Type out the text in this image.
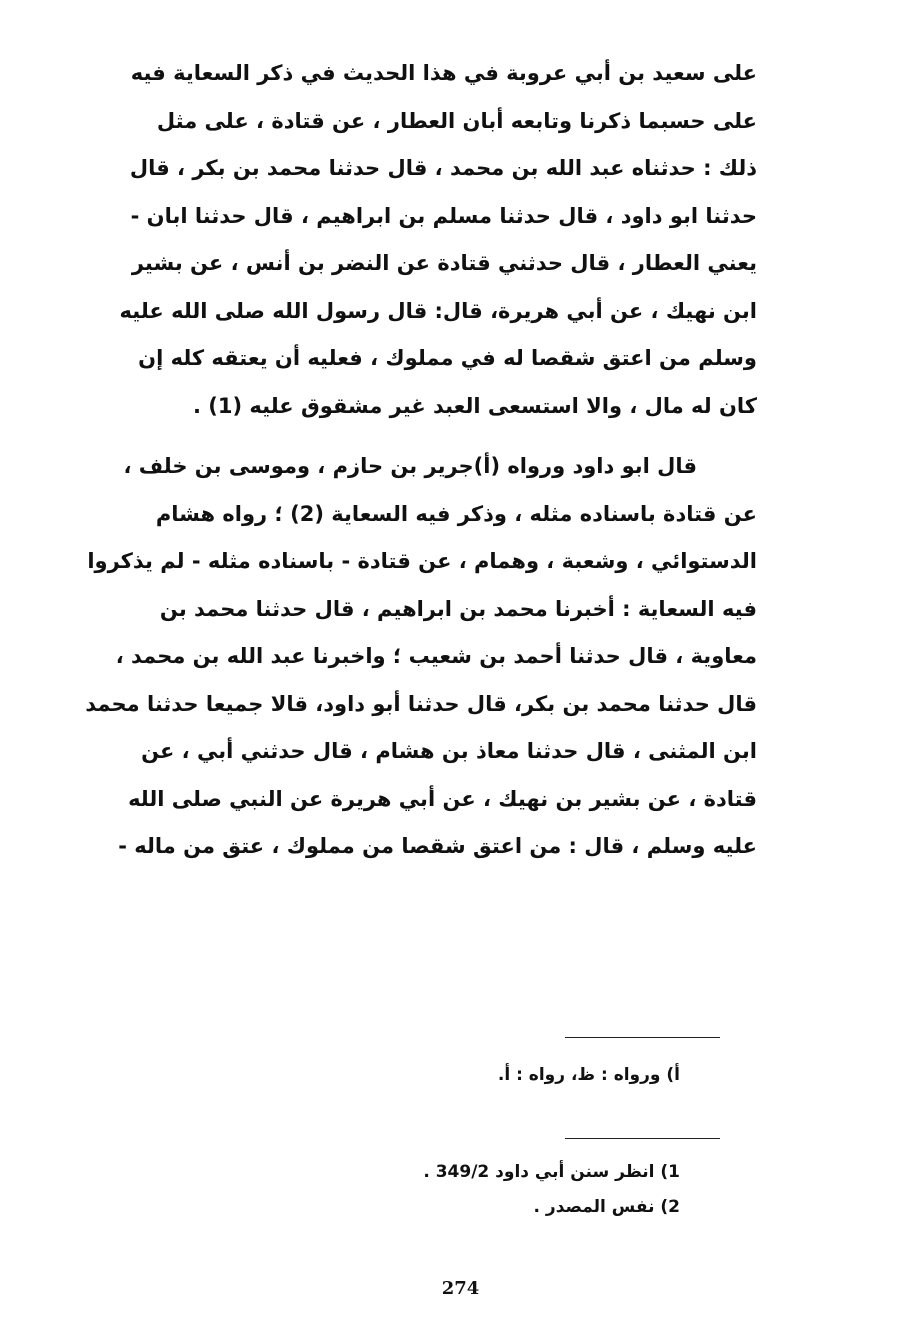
على سعيد بن أبي عروبة في هذا الحديث في ذكر السعاية فيه

على حسبما ذكرنا وتابعه أبان العطار ، عن قتادة ، على مثل

ذلك : حدثناه عبد الله بن محمد ، قال حدثنا محمد بن بكر ، قال

حدثنا ابو داود ، قال حدثنا مسلم بن ابراهيم ، قال حدثنا ابان -

يعني العطار ، قال حدثني قتادة عن النضر بن أنس ، عن بشير

ابن نهيك ، عن أبي هريرة، قال: قال رسول الله صلى الله عليه

وسلم من اعتق شقصا له في مملوك ، فعليه أن يعتقه كله إن

كان له مال ، والا استسعى العبد غير مشقوق عليه (1) .

قال ابو داود ورواه (أ)جرير بن حازم ، وموسى بن خلف ،

عن قتادة باسناده مثله ، وذكر فيه السعاية (2) ؛ رواه هشام

الدستوائي ، وشعبة ، وهمام ، عن قتادة - باسناده مثله - لم يذكروا

فيه السعاية : أخبرنا محمد بن ابراهيم ، قال حدثنا محمد بن

معاوية ، قال حدثنا أحمد بن شعيب ؛ واخبرنا عبد الله بن محمد ،

قال حدثنا محمد بن بكر، قال حدثنا أبو داود، قالا جميعا حدثنا محمد

ابن المثنى ، قال حدثنا معاذ بن هشام ، قال حدثني أبي ، عن

قتادة ، عن بشير بن نهيك ، عن أبي هريرة عن النبي صلى الله

عليه وسلم ، قال : من اعتق شقصا من مملوك ، عتق من ماله -

أ) ورواه : ظ، رواه : أ.

1) انظر سنن أبي داود 349/2 .

2) نفس المصدر .

274
